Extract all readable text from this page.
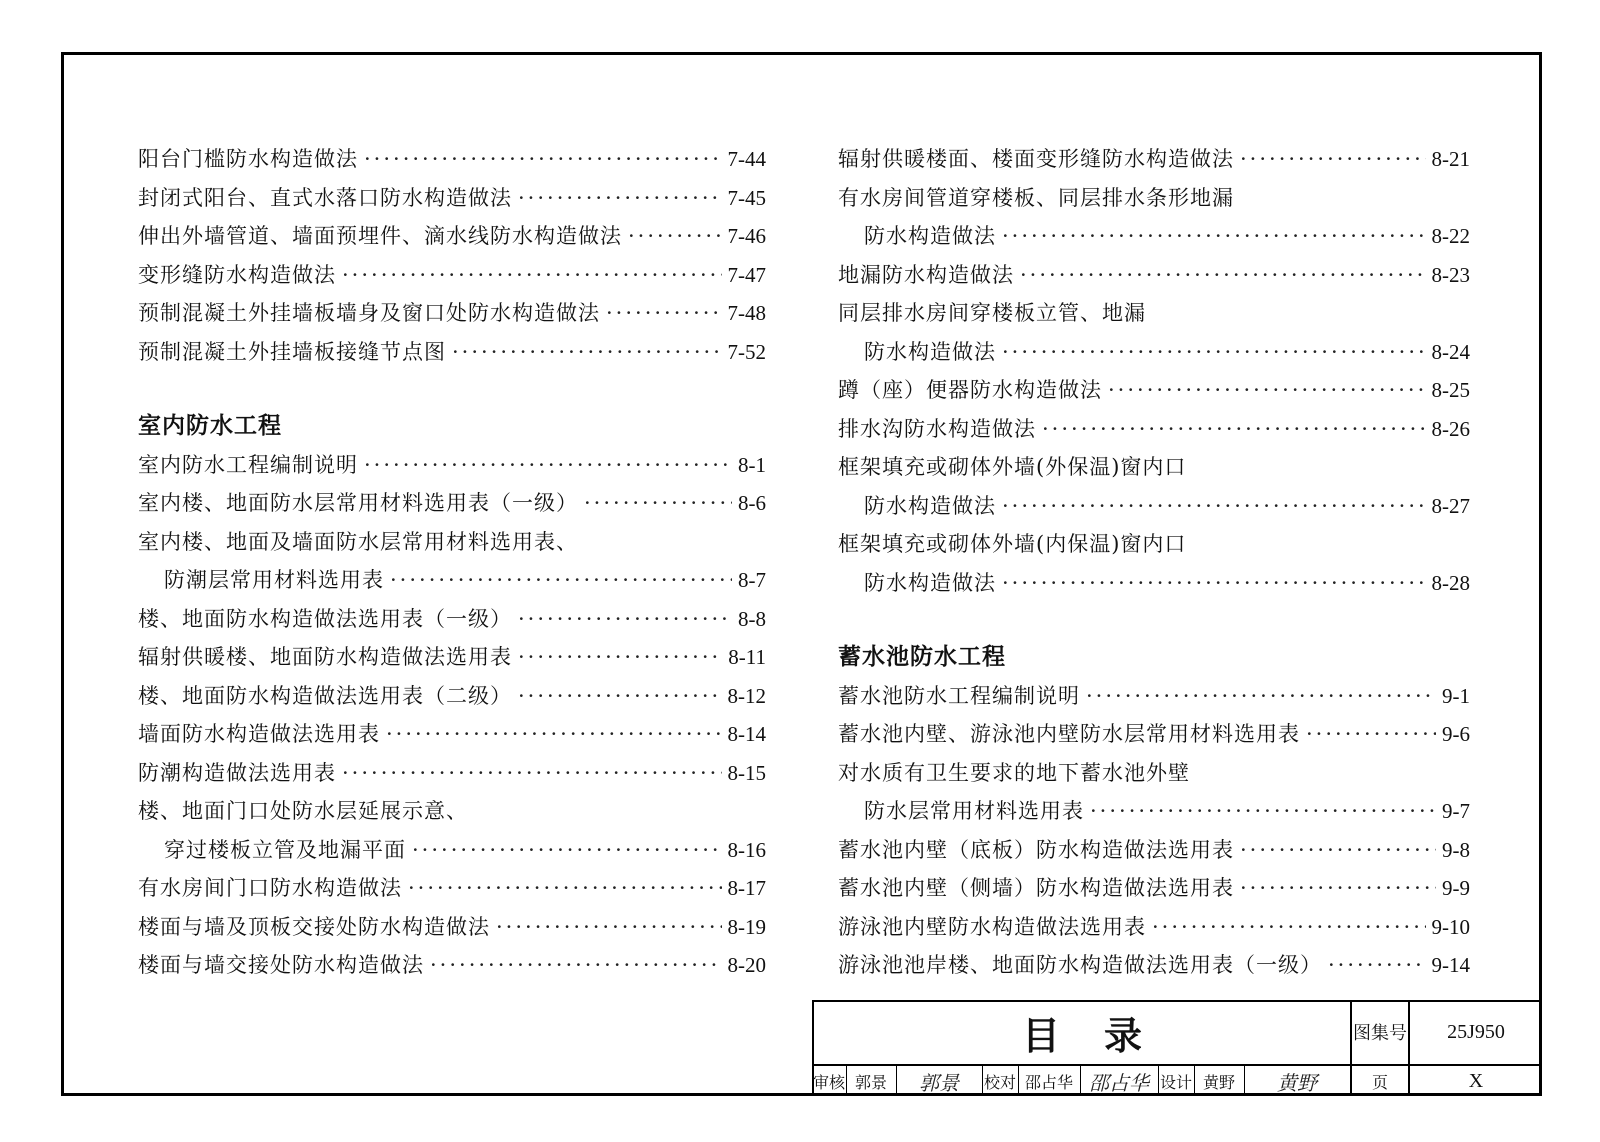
阳台门槛防水构造做法 ·····	7-44
封闭式阳台、直式水落口防水构造做法 ·····	7-45
伸出外墙管道、墙面预埋件、滴水线防水构造做法 ·····	7-46
变形缝防水构造做法 ·····	7-47
预制混凝土外挂墙板墙身及窗口处防水构造做法 ·····	7-48
预制混凝土外挂墙板接缝节点图 ·····	7-52
室内防水工程
室内防水工程编制说明 ·····	8-1
室内楼、地面防水层常用材料选用表（一级） ·····	8-6
室内楼、地面及墙面防水层常用材料选用表、
防潮层常用材料选用表 ·····	8-7
楼、地面防水构造做法选用表（一级） ·····	8-8
辐射供暖楼、地面防水构造做法选用表 ·····	8-11
楼、地面防水构造做法选用表（二级） ·····	8-12
墙面防水构造做法选用表 ·····	8-14
防潮构造做法选用表 ·····	8-15
楼、地面门口处防水层延展示意、
穿过楼板立管及地漏平面 ·····	8-16
有水房间门口防水构造做法 ·····	8-17
楼面与墙及顶板交接处防水构造做法 ·····	8-19
楼面与墙交接处防水构造做法 ·····	8-20
辐射供暖楼面、楼面变形缝防水构造做法 ·····	8-21
有水房间管道穿楼板、同层排水条形地漏
防水构造做法 ·····	8-22
地漏防水构造做法 ·····	8-23
同层排水房间穿楼板立管、地漏
防水构造做法 ·····	8-24
蹲（座）便器防水构造做法 ·····	8-25
排水沟防水构造做法 ·····	8-26
框架填充或砌体外墙(外保温)窗内口
防水构造做法 ·····	8-27
框架填充或砌体外墙(内保温)窗内口
防水构造做法 ·····	8-28
蓄水池防水工程
蓄水池防水工程编制说明 ·····	9-1
蓄水池内壁、游泳池内壁防水层常用材料选用表 ·····	9-6
对水质有卫生要求的地下蓄水池外壁
防水层常用材料选用表 ·····	9-7
蓄水池内壁（底板）防水构造做法选用表 ·····	9-8
蓄水池内壁（侧墙）防水构造做法选用表 ·····	9-9
游泳池内壁防水构造做法选用表 ·····	9-10
游泳池池岸楼、地面防水构造做法选用表（一级） ·····	9-14
目录	图集号	25J950
审核 郭景	郭景	校对 邵占华 邵占华 设计 黄野	黄野	页	X
